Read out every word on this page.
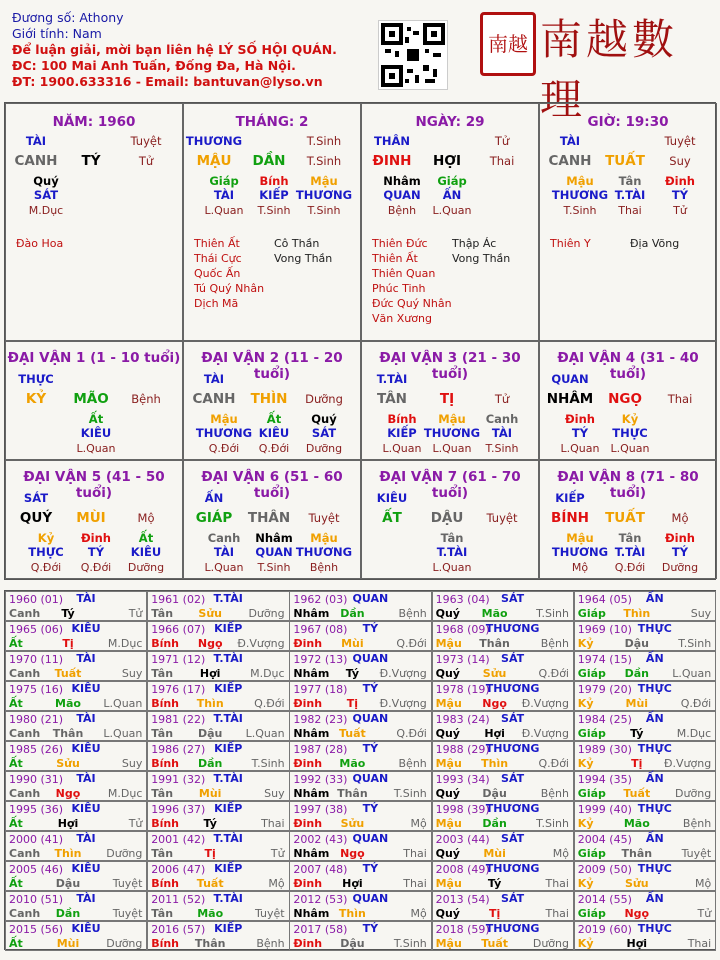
Đương số: Athony
Giới tính: Nam
Để luận giải, mời bạn liên hệ LÝ SỐ HỘI QUÁN.
ĐC: 100 Mai Anh Tuấn, Đống Đa, Hà Nội.
ĐT: 1900.633316 - Email: bantuvan@lyso.vn
南越 南越數理
NĂM: 1960
TÀI	Tuyệt
CANH TÝ	Tử
Quý
SÁT
M.Dục
Đào Hoa
THÁNG: 2
THƯƠNG	T.Sinh
MẬU DẦN T.Sinh
Giáp
TÀI
L.Quan
Bính
KIẾP
T.Sinh
Mậu
THƯƠNG
T.Sinh
Thiên Ất
Thái Cực
Quốc Ấn
Tú Quý Nhân
Dịch Mã
Cô Thần
Vong Thần
NGÀY: 29
THÂN	Tử
ĐINH HỢI Thai
Nhâm
QUAN
Bệnh
Giáp
ẤN
L.Quan
Thiên Đức
Thiên Ất
Thiên Quan
Phúc Tinh
Đức Quý Nhân
Văn Xương
Thập Ác
Vong Thần
GIỜ: 19:30
TÀI	Tuyệt
CANH TUẤT Suy
Mậu
THƯƠNG
T.Sinh
Tân
T.TÀI
Thai
Đinh
TÝ
Tử
Thiên Y	Địa Võng
ĐẠI VẬN 1 (1 - 10 tuổi)
THỰC
KỶ MÃO Bệnh
Ất
KIÊU
L.Quan
ĐẠI VẬN 2 (11 - 20 tuổi)
TÀI
CANH THÌN Dưỡng
Mậu
THƯƠNG
Q.Đới
Ất
KIÊU
Q.Đới
Quý
SÁT
Dưỡng
ĐẠI VẬN 3 (21 - 30 tuổi)
T.TÀI
TÂN TỊ	Tử
Bính
KIẾP
L.Quan
Mậu
THƯƠNG
L.Quan
Canh
TÀI
T.Sinh
ĐẠI VẬN 4 (31 - 40 tuổi)
QUAN
NHÂM NGỌ Thai
Đinh
TÝ
L.Quan
Kỷ
THỰC
L.Quan
ĐẠI VẬN 5 (41 - 50 tuổi)
SÁT
QUÝ MÙI	Mộ
Kỷ
THỰC
Q.Đới
Đinh
TÝ
Q.Đới
Ất
KIÊU
Dưỡng
ĐẠI VẬN 6 (51 - 60 tuổi)
ẤN
GIÁP THÂN Tuyệt
Canh
TÀI
L.Quan
Nhâm
QUAN
T.Sinh
Mậu
THƯƠNG
Bệnh
ĐẠI VẬN 7 (61 - 70 tuổi)
KIÊU
ẤT DẬU Tuyệt
Tân
T.TÀI
L.Quan
ĐẠI VẬN 8 (71 - 80 tuổi)
KIẾP
BÍNH TUẤT Mộ
Mậu
THƯƠNG
Mộ
Tân
T.TÀI
Q.Đới
Đinh
TÝ
Dưỡng
1960 (01) TÀI
Canh Tý	Tử
1961 (02) T.TÀI
Tân Sửu Dưỡng
1962 (03) QUAN
Nhâm Dần	Bệnh
1963 (04) SÁT
Quý Mão	T.Sinh
1964 (05) ẤN
Giáp Thìn	Suy
1965 (06) KIÊU
Ất	Tị	M.Dục
1966 (07) KIẾP
Bính Ngọ Đ.Vượng
1967 (08) TÝ
Đinh Mùi	Q.Đới
1968 (09)
THƯƠNG
Mậu Thân	Bệnh
1969 (10) THỰC
Kỷ	Dậu	T.Sinh
1970 (11) TÀI
Canh Tuất	Suy
1971 (12) T.TÀI
Tân Hợi	M.Dục
1972 (13) QUAN
Nhâm Tý Đ.Vượng
1973 (14) SÁT
Quý Sửu	Q.Đới
1974 (15) ẤN
Giáp Dần L.Quan
1975 (16) KIÊU
Ất	Mão L.Quan
1976 (17) KIẾP
Bính Thìn	Q.Đới
1977 (18) TÝ
Đinh Tị Đ.Vượng
1978 (19)
THƯƠNG
Mậu Ngọ Đ.Vượng
1979 (20) THỰC
Kỷ	Mùi	Q.Đới
1980 (21) TÀI
Canh Thân L.Quan
1981 (22) T.TÀI
Tân Dậu L.Quan
1982 (23) QUAN
Nhâm Tuất	Q.Đới
1983 (24) SÁT
Quý Hợi Đ.Vượng
1984 (25) ẤN
Giáp Tý	M.Dục
1985 (26) KIÊU
Ất	Sửu	Suy
1986 (27) KIẾP
Bính Dần	T.Sinh
1987 (28) TÝ
Đinh Mão	Bệnh
1988 (29)
THƯƠNG
Mậu Thìn	Q.Đới
1989 (30) THỰC
Kỷ	Tị Đ.Vượng
1990 (31) TÀI
Canh Ngọ	M.Dục
1991 (32) T.TÀI
Tân Mùi	Suy
1992 (33) QUAN
Nhâm Thân T.Sinh
1993 (34) SÁT
Quý Dậu	Bệnh
1994 (35) ẤN
Giáp Tuất Dưỡng
1995 (36) KIÊU
Ất	Hợi	Tử
1996 (37) KIẾP
Bính Tý	Thai
1997 (38) TÝ
Đinh Sửu	Mộ
1998 (39)
THƯƠNG
Mậu Dần	T.Sinh
1999 (40) THỰC
Kỷ	Mão	Bệnh
2000 (41) TÀI
Canh Thìn Dưỡng
2001 (42) T.TÀI
Tân	Tị	Tử
2002 (43) QUAN
Nhâm Ngọ	Thai
2003 (44) SÁT
Quý Mùi	Mộ
2004 (45) ẤN
Giáp Thân	Tuyệt
2005 (46) KIÊU
Ất	Dậu	Tuyệt
2006 (47) KIẾP
Bính Tuất	Mộ
2007 (48) TÝ
Đinh Hợi	Thai
2008 (49)
THƯƠNG
Mậu Tý	Thai
2009 (50) THỰC
Kỷ	Sửu	Mộ
2010 (51) TÀI
Canh Dần	Tuyệt
2011 (52) T.TÀI
Tân Mão	Tuyệt
2012 (53) QUAN
Nhâm Thìn	Mộ
2013 (54) SÁT
Quý	Tị	Thai
2014 (55) ẤN
Giáp Ngọ	Tử
2015 (56) KIÊU
Ất	Mùi Dưỡng
2016 (57) KIẾP
Bính Thân	Bệnh
2017 (58) TÝ
Đinh Dậu	T.Sinh
2018 (59)
THƯƠNG
Mậu Tuất Dưỡng
2019 (60) THỰC
Kỷ	Hợi	Thai
